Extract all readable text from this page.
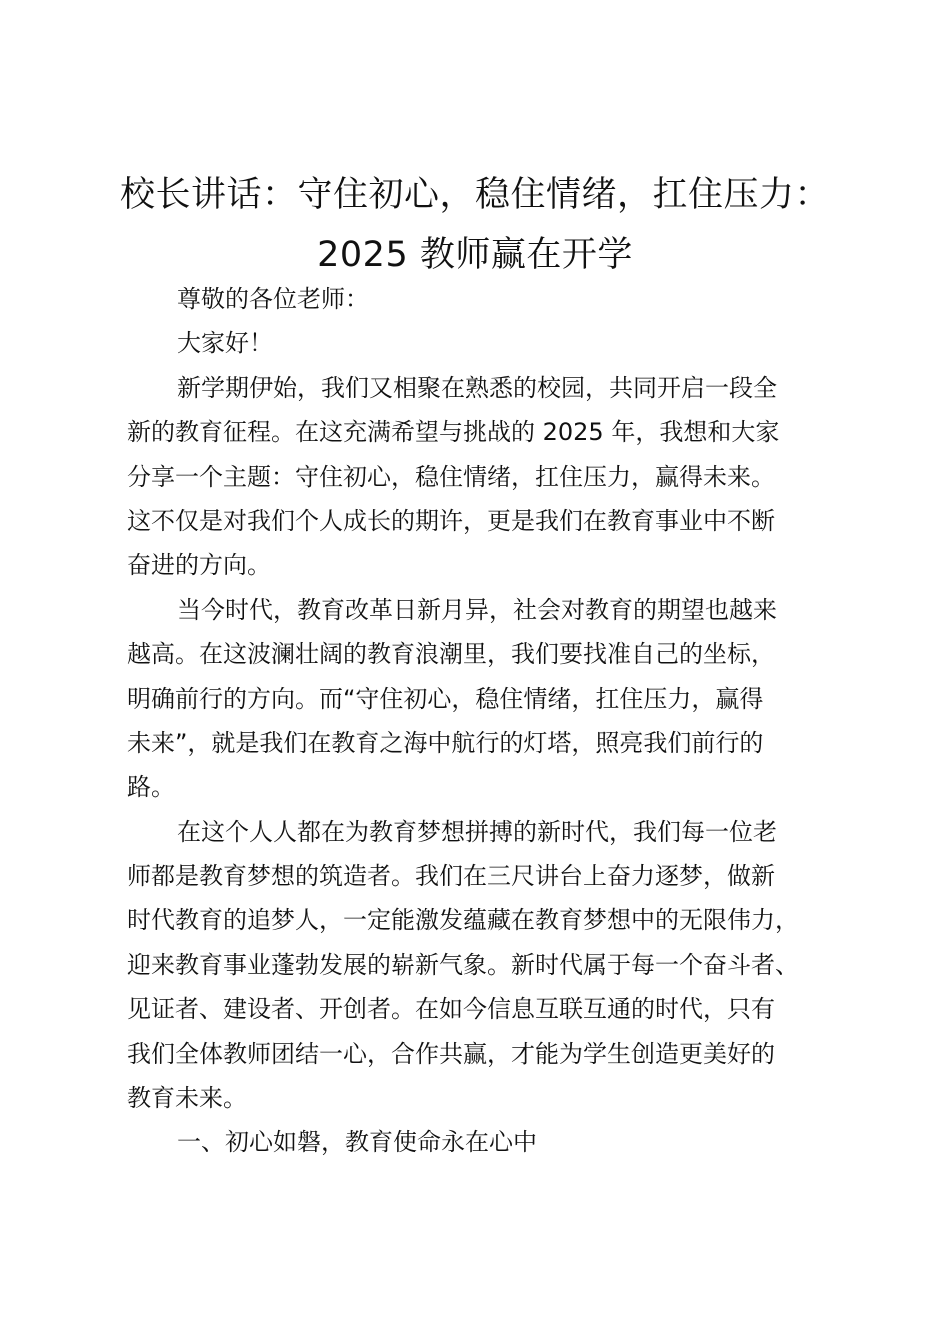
校长讲话：守住初心，稳住情绪，扛住压力：
2025 教师赢在开学
尊敬的各位老师：
大家好！
新学期伊始，我们又相聚在熟悉的校园，共同开启一段全
新的教育征程。在这充满希望与挑战的 2025 年，我想和大家
分享一个主题：守住初心，稳住情绪，扛住压力，赢得未来。
这不仅是对我们个人成长的期许，更是我们在教育事业中不断
奋进的方向。
当今时代，教育改革日新月异，社会对教育的期望也越来
越高。在这波澜壮阔的教育浪潮里，我们要找准自己的坐标，
明确前行的方向。而“守住初心，稳住情绪，扛住压力，赢得
未来”，就是我们在教育之海中航行的灯塔，照亮我们前行的
路。
在这个人人都在为教育梦想拼搏的新时代，我们每一位老
师都是教育梦想的筑造者。我们在三尺讲台上奋力逐梦，做新
时代教育的追梦人，一定能激发蕴藏在教育梦想中的无限伟力，
迎来教育事业蓬勃发展的崭新气象。新时代属于每一个奋斗者、
见证者、建设者、开创者。在如今信息互联互通的时代，只有
我们全体教师团结一心，合作共赢，才能为学生创造更美好的
教育未来。
一、初心如磐，教育使命永在心中
